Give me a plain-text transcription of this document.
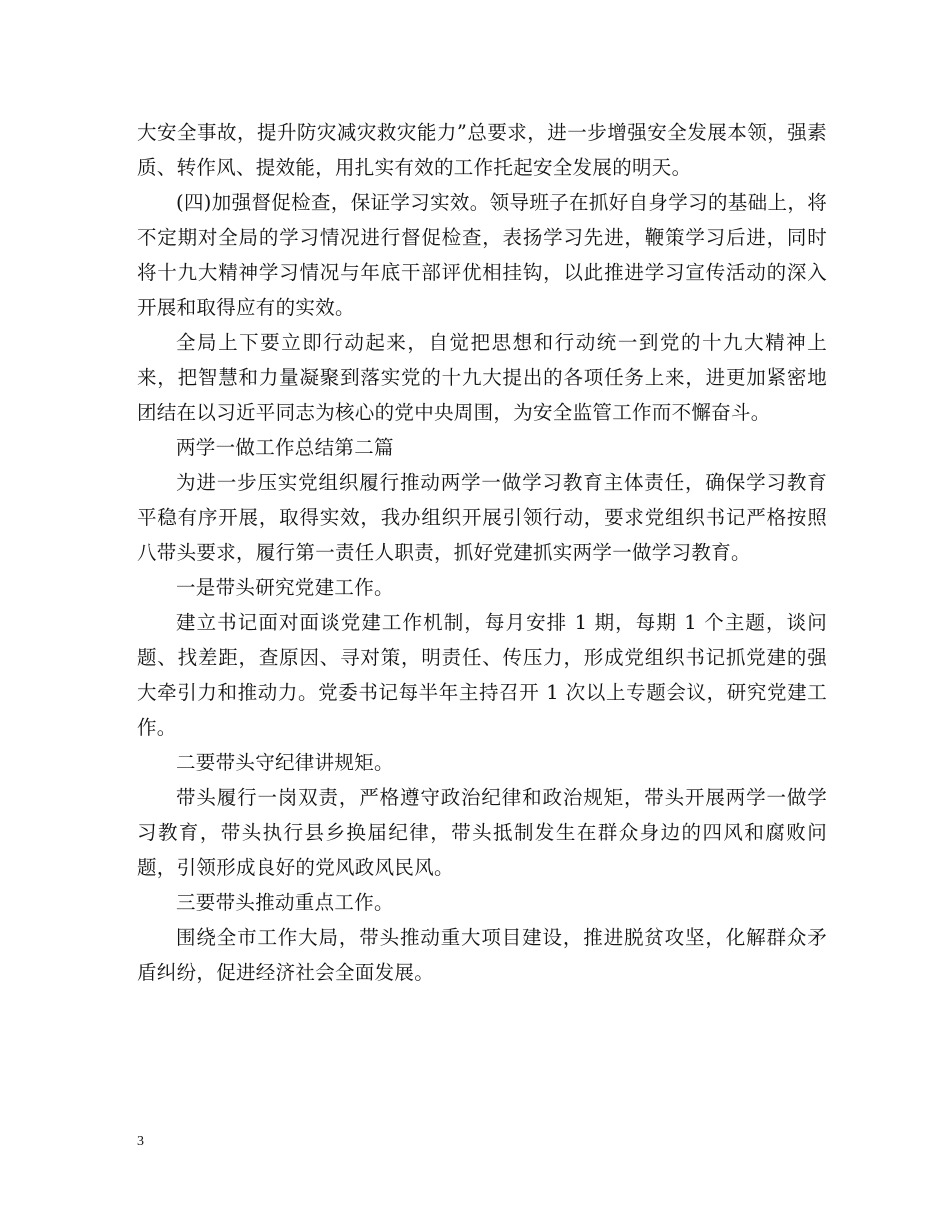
大安全事故，提升防灾减灾救灾能力”总要求，进一步增强安全发展本领，强素质、转作风、提效能，用扎实有效的工作托起安全发展的明天。

(四)加强督促检查，保证学习实效。领导班子在抓好自身学习的基础上，将不定期对全局的学习情况进行督促检查，表扬学习先进，鞭策学习后进，同时将十九大精神学习情况与年底干部评优相挂钩，以此推进学习宣传活动的深入开展和取得应有的实效。

全局上下要立即行动起来，自觉把思想和行动统一到党的十九大精神上来，把智慧和力量凝聚到落实党的十九大提出的各项任务上来，进更加紧密地团结在以习近平同志为核心的党中央周围，为安全监管工作而不懈奋斗。

两学一做工作总结第二篇

为进一步压实党组织履行推动两学一做学习教育主体责任，确保学习教育平稳有序开展，取得实效，我办组织开展引领行动，要求党组织书记严格按照八带头要求，履行第一责任人职责，抓好党建抓实两学一做学习教育。

一是带头研究党建工作。

建立书记面对面谈党建工作机制，每月安排 1 期，每期 1 个主题，谈问题、找差距，查原因、寻对策，明责任、传压力，形成党组织书记抓党建的强大牵引力和推动力。党委书记每半年主持召开 1 次以上专题会议，研究党建工作。

二要带头守纪律讲规矩。

带头履行一岗双责，严格遵守政治纪律和政治规矩，带头开展两学一做学习教育，带头执行县乡换届纪律，带头抵制发生在群众身边的四风和腐败问题，引领形成良好的党风政风民风。

三要带头推动重点工作。

围绕全市工作大局，带头推动重大项目建设，推进脱贫攻坚，化解群众矛盾纠纷，促进经济社会全面发展。

3
